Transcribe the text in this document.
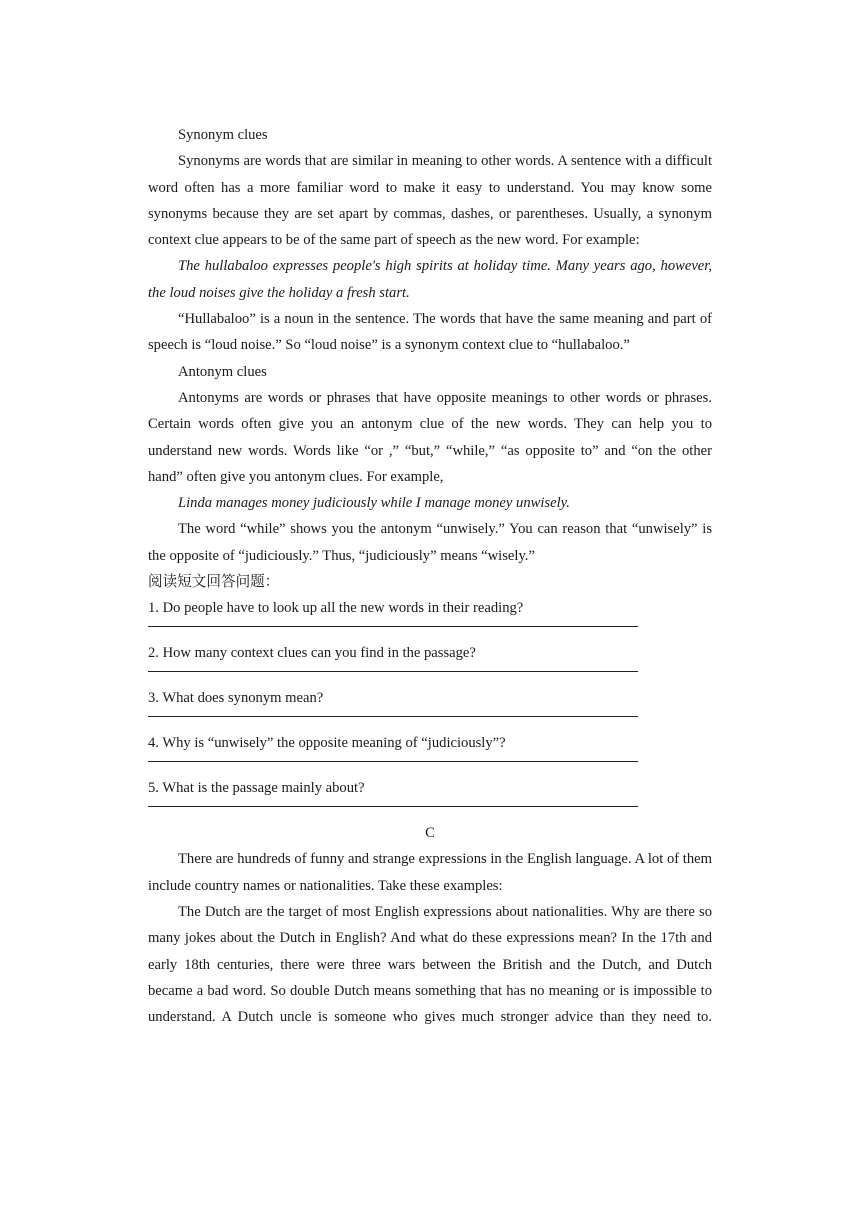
Synonym clues

Synonyms are words that are similar in meaning to other words. A sentence with a difficult word often has a more familiar word to make it easy to understand. You may know some synonyms because they are set apart by commas, dashes, or parentheses. Usually, a synonym context clue appears to be of the same part of speech as the new word. For example:

The hullabaloo expresses people's high spirits at holiday time. Many years ago, however, the loud noises give the holiday a fresh start.

“Hullabaloo” is a noun in the sentence. The words that have the same meaning and part of speech is “loud noise.” So “loud noise” is a synonym context clue to “hullabaloo.”

Antonym clues

Antonyms are words or phrases that have opposite meanings to other words or phrases. Certain words often give you an antonym clue of the new words. They can help you to understand new words. Words like “or ,” “but,” “while,” “as opposite to” and “on the other hand” often give you antonym clues. For example,

Linda manages money judiciously while I manage money unwisely.

The word “while” shows you the antonym “unwisely.” You can reason that “unwisely” is the opposite of “judiciously.” Thus, “judiciously” means “wisely.”

阅读短文回答问题：

1. Do people have to look up all the new words in their reading?

2. How many context clues can you find in the passage?

3. What does synonym mean?

4. Why is “unwisely” the opposite meaning of “judiciously”?

5. What is the passage mainly about?

C

There are hundreds of funny and strange expressions in the English language. A lot of them include country names or nationalities. Take these examples:

The Dutch are the target of most English expressions about nationalities. Why are there so many jokes about the Dutch in English? And what do these expressions mean? In the 17th and early 18th centuries, there were three wars between the British and the Dutch, and Dutch became a bad word. So double Dutch means something that has no meaning or is impossible to understand. A Dutch uncle is someone who gives much stronger advice than they need to.
